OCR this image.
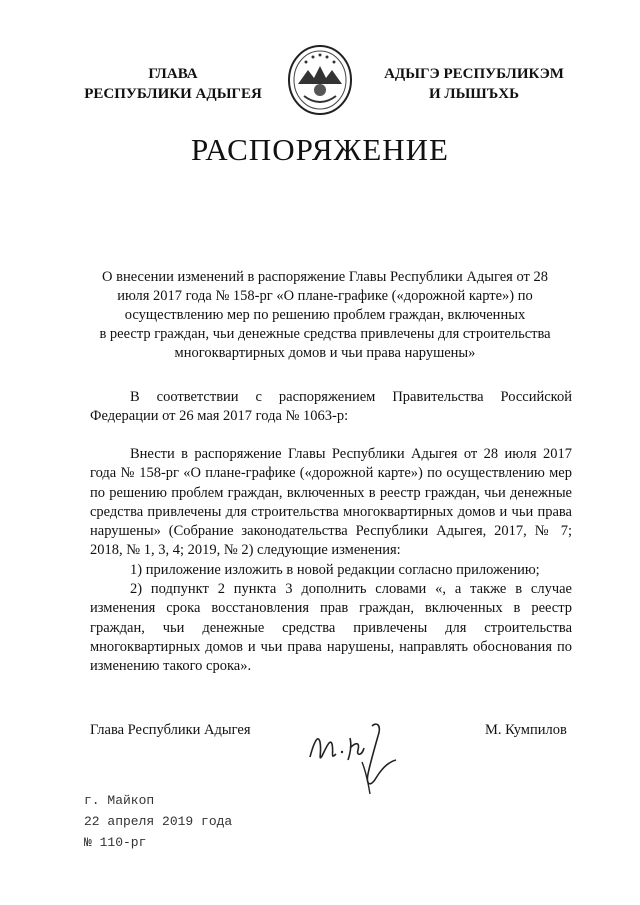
ГЛАВА
РЕСПУБЛИКИ АДЫГЕЯ
АДЫГЭ РЕСПУБЛИКЭМ
И ЛЫШЪХЬ
РАСПОРЯЖЕНИЕ
О внесении изменений в распоряжение Главы Республики Адыгея от 28
июля 2017 года № 158-рг «О плане-графике («дорожной карте») по
осуществлению мер по решению проблем граждан, включенных
в реестр граждан, чьи денежные средства привлечены для строительства
многоквартирных домов и чьи права нарушены»
В соответствии с распоряжением Правительства Российской Федерации от 26 мая 2017 года № 1063-р:
Внести в распоряжение Главы Республики Адыгея от 28 июля 2017 года № 158-рг «О плане-графике («дорожной карте») по осуществлению мер по решению проблем граждан, включенных в реестр граждан, чьи денежные средства привлечены для строительства многоквартирных домов и чьи права нарушены» (Собрание законодательства Республики Адыгея, 2017, № 7; 2018, № 1, 3, 4; 2019, № 2) следующие изменения:
1) приложение изложить в новой редакции согласно приложению;
2) подпункт 2 пункта 3 дополнить словами «, а также в случае изменения срока восстановления прав граждан, включенных в реестр граждан, чьи денежные средства привлечены для строительства многоквартирных домов и чьи права нарушены, направлять обоснования по изменению такого срока».
Глава Республики Адыгея	М. Кумпилов
г. Майкоп
22 апреля 2019 года
№ 110-рг
